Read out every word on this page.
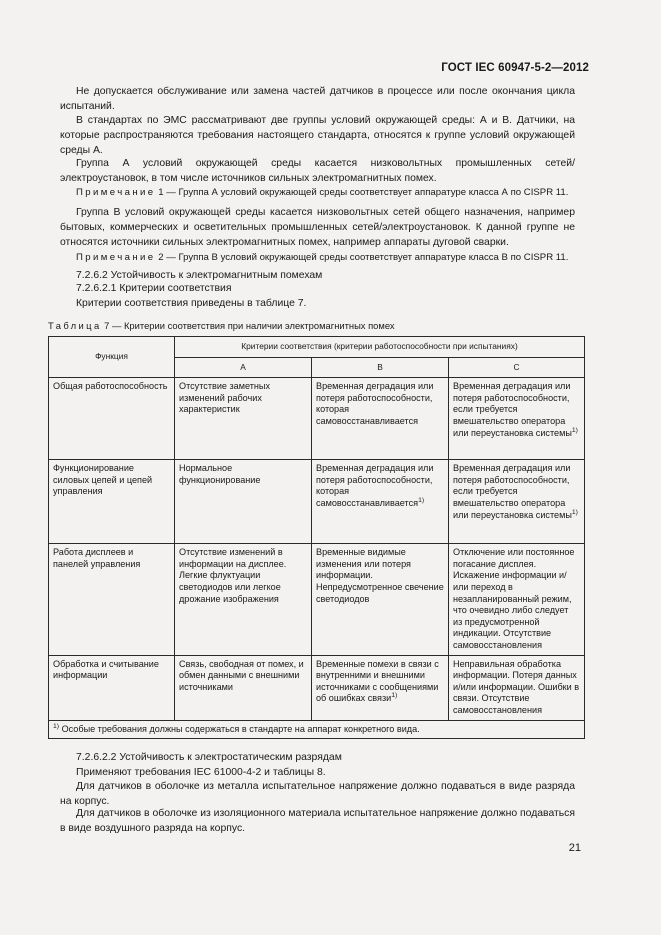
ГОСТ IEC 60947-5-2—2012
Не допускается обслуживание или замена частей датчиков в процессе или после окончания цикла испытаний.
В стандартах по ЭМС рассматривают две группы условий окружающей среды: А и В. Датчики, на которые распространяются требования настоящего стандарта, относятся к группе условий окружающей среды А.
Группа А условий окружающей среды касается низковольтных промышленных сетей/электроустановок, в том числе источников сильных электромагнитных помех.
Примечание 1 — Группа А условий окружающей среды соответствует аппаратуре класса А по CISPR 11.
Группа В условий окружающей среды касается низковольтных сетей общего назначения, например бытовых, коммерческих и осветительных промышленных сетей/электроустановок. К данной группе не относятся источники сильных электромагнитных помех, например аппараты дуговой сварки.
Примечание 2 — Группа В условий окружающей среды соответствует аппаратуре класса В по CISPR 11.
7.2.6.2 Устойчивость к электромагнитным помехам
7.2.6.2.1 Критерии соответствия
Критерии соответствия приведены в таблице 7.
Таблица 7 — Критерии соответствия при наличии электромагнитных помех
Функция	Критерии соответствия (критерии работоспособности при испытаниях)		
	А	В	С
Общая работоспособность	Отсутствие заметных изменений рабочих характеристик	Временная деградация или потеря работоспособности, которая самовосстанавливается	Временная деградация или потеря работоспособности, если требуется вмешательство оператора или переустановка системы$^{1)}$
Функционирование силовых цепей и цепей управления	Нормальное функционирование	Временная деградация или потеря работоспособности, которая самовосстанавливается$^{1)}$	Временная деградация или потеря работоспособности, если требуется вмешательство оператора или переустановка системы$^{1)}$
Работа дисплеев и панелей управления	Отсутствие изменений в информации на дисплее. Легкие флуктуации светодиодов или легкое дрожание изображения	Временные видимые изменения или потеря информации. Непредусмотренное свечение светодиодов	Отключение или постоянное погасание дисплея. Искажение информации и/или переход в незапланированный режим, что очевидно либо следует из предусмотренной индикации. Отсутствие самовосстановления
Обработка и считывание информации	Связь, свободная от помех, и обмен данными с внешними источниками	Временные помехи в связи с внутренними и внешними источниками с сообщениями об ошибках связи$^{1)}$	Неправильная обработка информации. Потеря данных и/или информации. Ошибки в связи. Отсутствие самовосстановления
$^{1)}$ Особые требования должны содержаться в стандарте на аппарат конкретного вида.			
7.2.6.2.2 Устойчивость к электростатическим разрядам
Применяют требования IEC 61000-4-2 и таблицы 8.
Для датчиков в оболочке из металла испытательное напряжение должно подаваться в виде разряда на корпус.
Для датчиков в оболочке из изоляционного материала испытательное напряжение должно подаваться в виде воздушного разряда на корпус.
21
